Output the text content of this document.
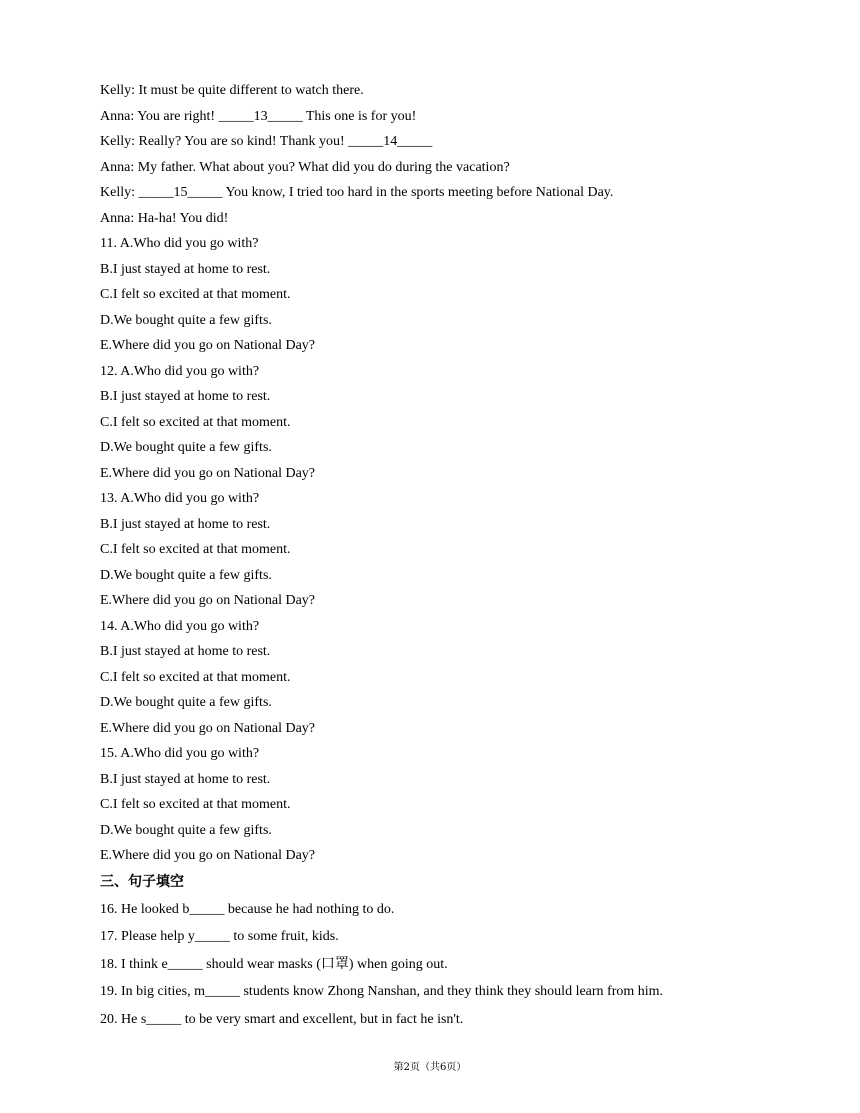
Kelly: It must be quite different to watch there.
Anna: You are right! _____13_____ This one is for you!
Kelly: Really? You are so kind! Thank you! _____14_____
Anna: My father. What about you? What did you do during the vacation?
Kelly: _____15_____ You know, I tried too hard in the sports meeting before National Day.
Anna: Ha-ha! You did!
11. A.Who did you go with?
B.I just stayed at home to rest.
C.I felt so excited at that moment.
D.We bought quite a few gifts.
E.Where did you go on National Day?
12. A.Who did you go with?
B.I just stayed at home to rest.
C.I felt so excited at that moment.
D.We bought quite a few gifts.
E.Where did you go on National Day?
13. A.Who did you go with?
B.I just stayed at home to rest.
C.I felt so excited at that moment.
D.We bought quite a few gifts.
E.Where did you go on National Day?
14. A.Who did you go with?
B.I just stayed at home to rest.
C.I felt so excited at that moment.
D.We bought quite a few gifts.
E.Where did you go on National Day?
15. A.Who did you go with?
B.I just stayed at home to rest.
C.I felt so excited at that moment.
D.We bought quite a few gifts.
E.Where did you go on National Day?
三、句子填空
16. He looked b_____ because he had nothing to do.
17. Please help y_____ to some fruit, kids.
18. I think e_____ should wear masks (口罩) when going out.
19. In big cities, m_____ students know Zhong Nanshan, and they think they should learn from him.
20. He s_____ to be very smart and excellent, but in fact he isn't.
第2页（共6页）
